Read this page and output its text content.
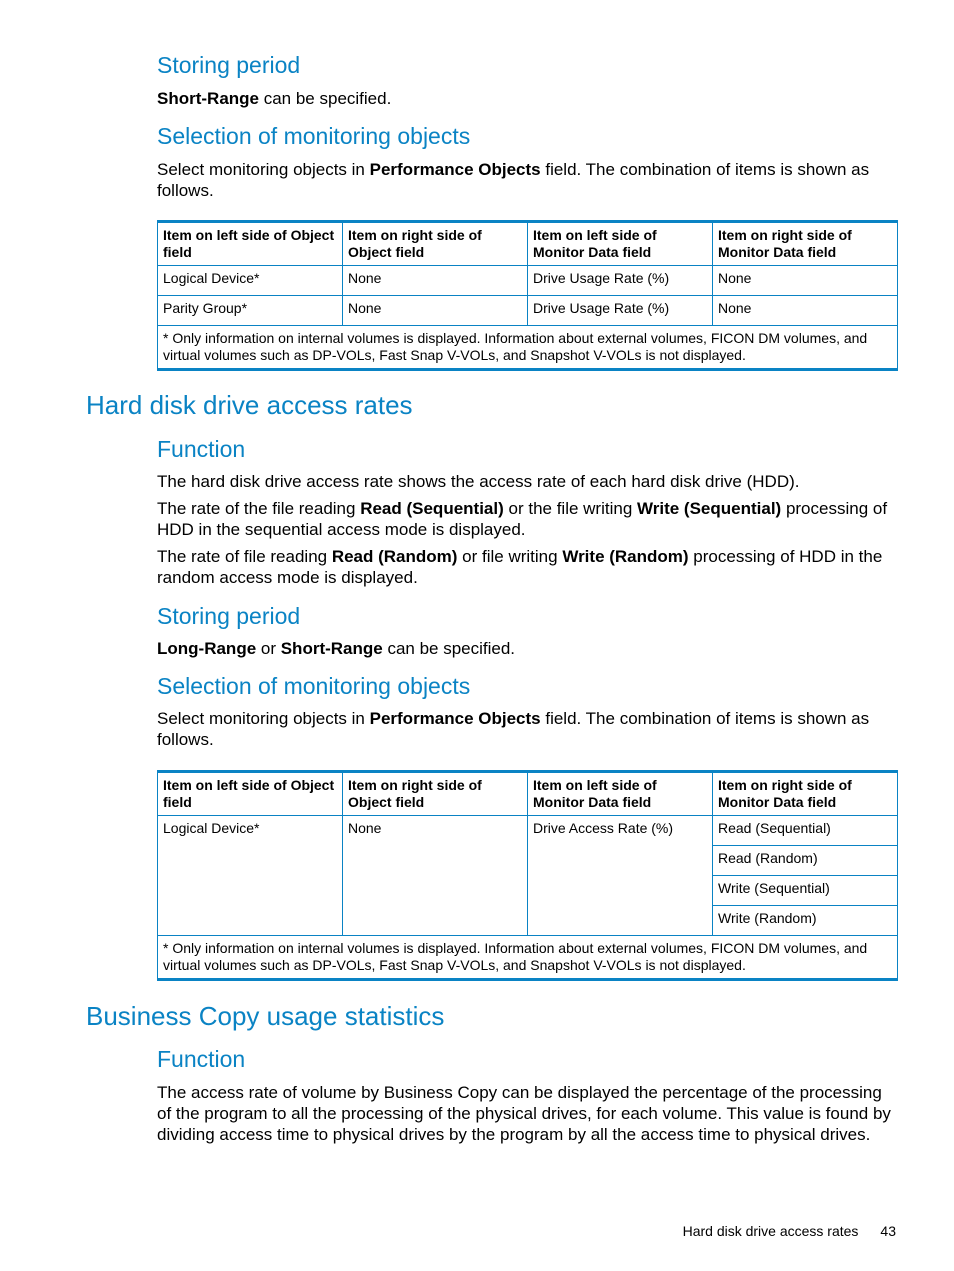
Storing period

Short-Range can be specified.

Selection of monitoring objects

Select monitoring objects in Performance Objects field. The combination of items is shown as follows.

Item on left side of Object field	Item on right side of Object field	Item on left side of Monitor Data field	Item on right side of Monitor Data field
Logical Device*	None	Drive Usage Rate (%)	None
Parity Group*	None	Drive Usage Rate (%)	None
* Only information on internal volumes is displayed. Information about external volumes, FICON DM volumes, and virtual volumes such as DP-VOLs, Fast Snap V-VOLs, and Snapshot V-VOLs is not displayed.			
Hard disk drive access rates
Function

The hard disk drive access rate shows the access rate of each hard disk drive (HDD).

The rate of the file reading Read (Sequential) or the file writing Write (Sequential) processing of HDD in the sequential access mode is displayed.

The rate of file reading Read (Random) or file writing Write (Random) processing of HDD in the random access mode is displayed.

Storing period

Long-Range or Short-Range can be specified.

Selection of monitoring objects

Select monitoring objects in Performance Objects field. The combination of items is shown as follows.

Item on left side of Object field	Item on right side of Object field	Item on left side of Monitor Data field	Item on right side of Monitor Data field
Logical Device*	None	Drive Access Rate (%)	Read (Sequential)
			Read (Random)
			Write (Sequential)
			Write (Random)
* Only information on internal volumes is displayed. Information about external volumes, FICON DM volumes, and virtual volumes such as DP-VOLs, Fast Snap V-VOLs, and Snapshot V-VOLs is not displayed.			
Business Copy usage statistics
Function

The access rate of volume by Business Copy can be displayed the percentage of the processing of the program to all the processing of the physical drives, for each volume. This value is found by dividing access time to physical drives by the program by all the access time to physical drives.

Hard disk drive access rates 43
